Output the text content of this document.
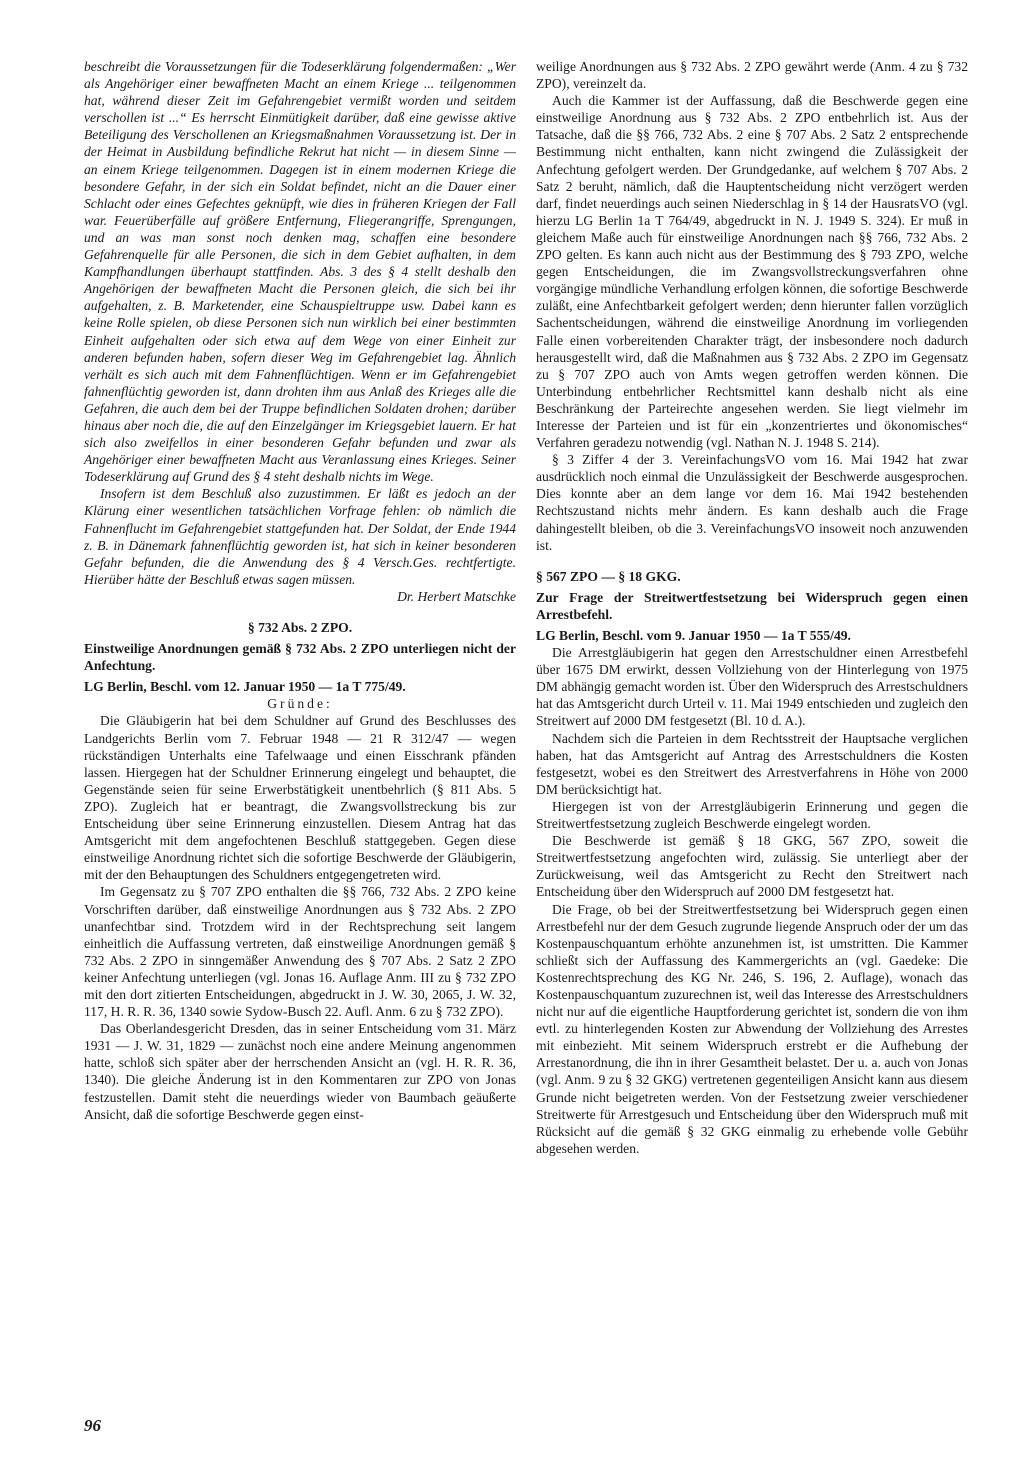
beschreibt die Voraussetzungen für die Todeserklärung folgendermaßen: „Wer als Angehöriger einer bewaffneten Macht an einem Kriege ... teilgenommen hat, während dieser Zeit im Gefahrengebiet vermißt worden und seitdem verschollen ist ...“ Es herrscht Einmütigkeit darüber, daß eine gewisse aktive Beteiligung des Verschollenen an Kriegsmaßnahmen Voraussetzung ist. Der in der Heimat in Ausbildung befindliche Rekrut hat nicht — in diesem Sinne — an einem Kriege teilgenommen. Dagegen ist in einem modernen Kriege die besondere Gefahr, in der sich ein Soldat befindet, nicht an die Dauer einer Schlacht oder eines Gefechtes geknüpft, wie dies in früheren Kriegen der Fall war. Feuerüberfälle auf größere Entfernung, Fliegerangriffe, Sprengungen, und an was man sonst noch denken mag, schaffen eine besondere Gefahrenquelle für alle Personen, die sich in dem Gebiet aufhalten, in dem Kampfhandlungen überhaupt stattfinden. Abs. 3 des § 4 stellt deshalb den Angehörigen der bewaffneten Macht die Personen gleich, die sich bei ihr aufgehalten, z. B. Marketender, eine Schauspieltruppe usw. Dabei kann es keine Rolle spielen, ob diese Personen sich nun wirklich bei einer bestimmten Einheit aufgehalten oder sich etwa auf dem Wege von einer Einheit zur anderen befunden haben, sofern dieser Weg im Gefahrengebiet lag. Ähnlich verhält es sich auch mit dem Fahnenflüchtigen. Wenn er im Gefahrengebiet fahnenflüchtig geworden ist, dann drohten ihm aus Anlaß des Krieges alle die Gefahren, die auch dem bei der Truppe befindlichen Soldaten drohen; darüber hinaus aber noch die, die auf den Einzelgänger im Kriegsgebiet lauern. Er hat sich also zweifellos in einer besonderen Gefahr befunden und zwar als Angehöriger einer bewaffneten Macht aus Veranlassung eines Krieges. Seiner Todeserklärung auf Grund des § 4 steht deshalb nichts im Wege.

Insofern ist dem Beschluß also zuzustimmen. Er läßt es jedoch an der Klärung einer wesentlichen tatsächlichen Vorfrage fehlen: ob nämlich die Fahnenflucht im Gefahrengebiet stattgefunden hat. Der Soldat, der Ende 1944 z. B. in Dänemark fahnenflüchtig geworden ist, hat sich in keiner besonderen Gefahr befunden, die die Anwendung des § 4 Versch.Ges. rechtfertigte. Hierüber hätte der Beschluß etwas sagen müssen.

Dr. Herbert Matschke

§ 732 Abs. 2 ZPO.

Einstweilige Anordnungen gemäß § 732 Abs. 2 ZPO unterliegen nicht der Anfechtung.

LG Berlin, Beschl. vom 12. Januar 1950 — 1a T 775/49.

Gründe:

Die Gläubigerin hat bei dem Schuldner auf Grund des Beschlusses des Landgerichts Berlin vom 7. Februar 1948 — 21 R 312/47 — wegen rückständigen Unterhalts eine Tafelwaage und einen Eisschrank pfänden lassen. Hiergegen hat der Schuldner Erinnerung eingelegt und behauptet, die Gegenstände seien für seine Erwerbstätigkeit unentbehrlich (§ 811 Abs. 5 ZPO). Zugleich hat er beantragt, die Zwangsvollstreckung bis zur Entscheidung über seine Erinnerung einzustellen. Diesem Antrag hat das Amtsgericht mit dem angefochtenen Beschluß stattgegeben. Gegen diese einstweilige Anordnung richtet sich die sofortige Beschwerde der Gläubigerin, mit der den Behauptungen des Schuldners entgegengetreten wird.

Im Gegensatz zu § 707 ZPO enthalten die §§ 766, 732 Abs. 2 ZPO keine Vorschriften darüber, daß einstweilige Anordnungen aus § 732 Abs. 2 ZPO unanfechtbar sind. Trotzdem wird in der Rechtsprechung seit langem einheitlich die Auffassung vertreten, daß einstweilige Anordnungen gemäß § 732 Abs. 2 ZPO in sinngemäßer Anwendung des § 707 Abs. 2 Satz 2 ZPO keiner Anfechtung unterliegen (vgl. Jonas 16. Auflage Anm. III zu § 732 ZPO mit den dort zitierten Entscheidungen, abgedruckt in J. W. 30, 2065, J. W. 32, 117, H. R. R. 36, 1340 sowie Sydow-Busch 22. Aufl. Anm. 6 zu § 732 ZPO).

Das Oberlandesgericht Dresden, das in seiner Entscheidung vom 31. März 1931 — J. W. 31, 1829 — zunächst noch eine andere Meinung angenommen hatte, schloß sich später aber der herrschenden Ansicht an (vgl. H. R. R. 36, 1340). Die gleiche Änderung ist in den Kommentaren zur ZPO von Jonas festzustellen. Damit steht die neuerdings wieder von Baumbach geäußerte Ansicht, daß die sofortige Beschwerde gegen einst-

weilige Anordnungen aus § 732 Abs. 2 ZPO gewährt werde (Anm. 4 zu § 732 ZPO), vereinzelt da.

Auch die Kammer ist der Auffassung, daß die Beschwerde gegen eine einstweilige Anordnung aus § 732 Abs. 2 ZPO entbehrlich ist. Aus der Tatsache, daß die §§ 766, 732 Abs. 2 eine § 707 Abs. 2 Satz 2 entsprechende Bestimmung nicht enthalten, kann nicht zwingend die Zulässigkeit der Anfechtung gefolgert werden. Der Grundgedanke, auf welchem § 707 Abs. 2 Satz 2 beruht, nämlich, daß die Hauptentscheidung nicht verzögert werden darf, findet neuerdings auch seinen Niederschlag in § 14 der HausratsVO (vgl. hierzu LG Berlin 1a T 764/49, abgedruckt in N. J. 1949 S. 324). Er muß in gleichem Maße auch für einstweilige Anordnungen nach §§ 766, 732 Abs. 2 ZPO gelten. Es kann auch nicht aus der Bestimmung des § 793 ZPO, welche gegen Entscheidungen, die im Zwangsvollstreckungsverfahren ohne vorgängige mündliche Verhandlung erfolgen können, die sofortige Beschwerde zuläßt, eine Anfechtbarkeit gefolgert werden; denn hierunter fallen vorzüglich Sachentscheidungen, während die einstweilige Anordnung im vorliegenden Falle einen vorbereitenden Charakter trägt, der insbesondere noch dadurch herausgestellt wird, daß die Maßnahmen aus § 732 Abs. 2 ZPO im Gegensatz zu § 707 ZPO auch von Amts wegen getroffen werden können. Die Unterbindung entbehrlicher Rechtsmittel kann deshalb nicht als eine Beschränkung der Parteirechte angesehen werden. Sie liegt vielmehr im Interesse der Parteien und ist für ein „konzentriertes und ökonomisches“ Verfahren geradezu notwendig (vgl. Nathan N. J. 1948 S. 214).

§ 3 Ziffer 4 der 3. VereinfachungsVO vom 16. Mai 1942 hat zwar ausdrücklich noch einmal die Unzulässigkeit der Beschwerde ausgesprochen. Dies konnte aber an dem lange vor dem 16. Mai 1942 bestehenden Rechtszustand nichts mehr ändern. Es kann deshalb auch die Frage dahingestellt bleiben, ob die 3. VereinfachungsVO insoweit noch anzuwenden ist.

§ 567 ZPO — § 18 GKG.

Zur Frage der Streitwertfestsetzung bei Widerspruch gegen einen Arrestbefehl.

LG Berlin, Beschl. vom 9. Januar 1950 — 1a T 555/49.

Die Arrestgläubigerin hat gegen den Arrestschuldner einen Arrestbefehl über 1675 DM erwirkt, dessen Vollziehung von der Hinterlegung von 1975 DM abhängig gemacht worden ist. Über den Widerspruch des Arrestschuldners hat das Amtsgericht durch Urteil v. 11. Mai 1949 entschieden und zugleich den Streitwert auf 2000 DM festgesetzt (Bl. 10 d. A.).

Nachdem sich die Parteien in dem Rechtsstreit der Hauptsache verglichen haben, hat das Amtsgericht auf Antrag des Arrestschuldners die Kosten festgesetzt, wobei es den Streitwert des Arrestverfahrens in Höhe von 2000 DM berücksichtigt hat.

Hiergegen ist von der Arrestgläubigerin Erinnerung und gegen die Streitwertfestsetzung zugleich Beschwerde eingelegt worden.

Die Beschwerde ist gemäß § 18 GKG, 567 ZPO, soweit die Streitwertfestsetzung angefochten wird, zulässig. Sie unterliegt aber der Zurückweisung, weil das Amtsgericht zu Recht den Streitwert nach Entscheidung über den Widerspruch auf 2000 DM festgesetzt hat.

Die Frage, ob bei der Streitwertfestsetzung bei Widerspruch gegen einen Arrestbefehl nur der dem Gesuch zugrunde liegende Anspruch oder der um das Kostenpauschquantum erhöhte anzunehmen ist, ist umstritten. Die Kammer schließt sich der Auffassung des Kammergerichts an (vgl. Gaedeke: Die Kostenrechtsprechung des KG Nr. 246, S. 196, 2. Auflage), wonach das Kostenpauschquantum zuzurechnen ist, weil das Interesse des Arrestschuldners nicht nur auf die eigentliche Hauptforderung gerichtet ist, sondern die von ihm evtl. zu hinterlegenden Kosten zur Abwendung der Vollziehung des Arrestes mit einbezieht. Mit seinem Widerspruch erstrebt er die Aufhebung der Arrestanordnung, die ihn in ihrer Gesamtheit belastet. Der u. a. auch von Jonas (vgl. Anm. 9 zu § 32 GKG) vertretenen gegenteiligen Ansicht kann aus diesem Grunde nicht beigetreten werden. Von der Festsetzung zweier verschiedener Streitwerte für Arrestgesuch und Entscheidung über den Widerspruch muß mit Rücksicht auf die gemäß § 32 GKG einmalig zu erhebende volle Gebühr abgesehen werden.

96
